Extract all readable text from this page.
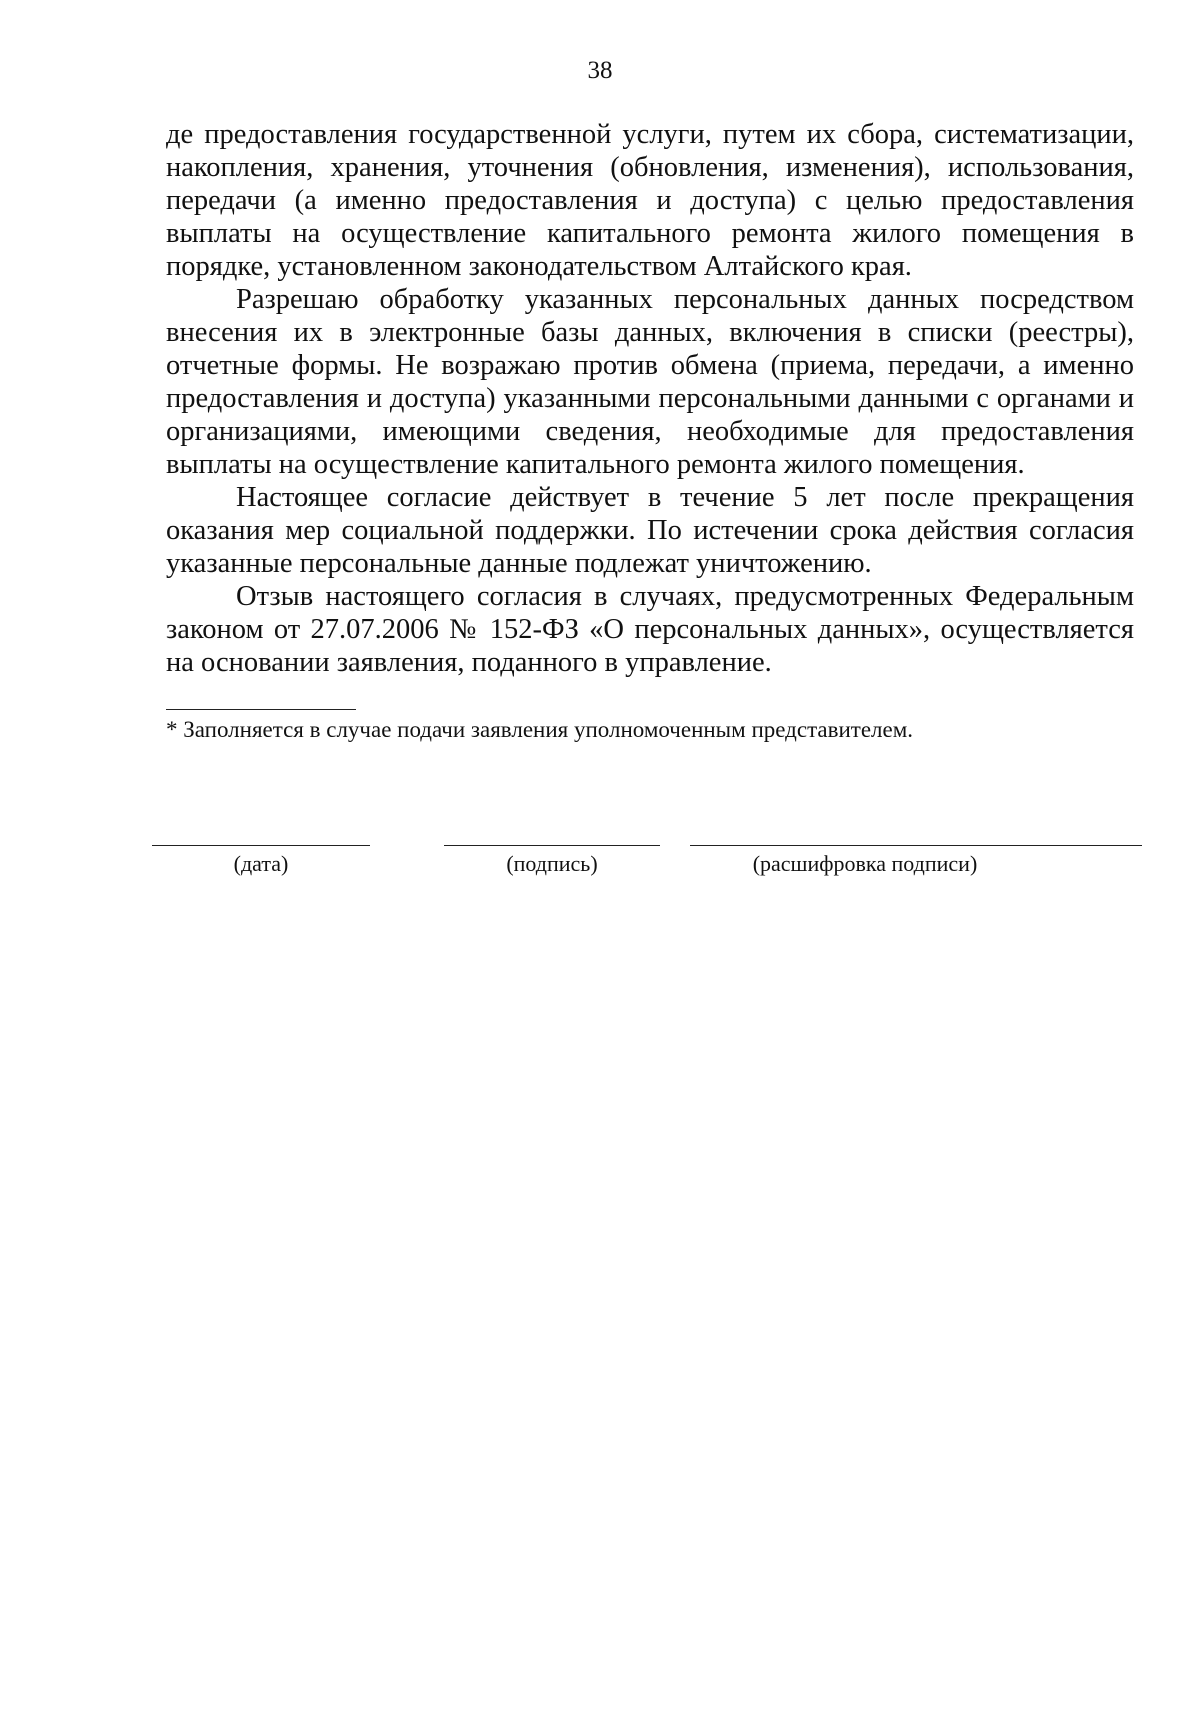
38

де предоставления государственной услуги, путем их сбора, систематизации, накопления, хранения, уточнения (обновления, изменения), использования, передачи (а именно предоставления и доступа) с целью предоставления выплаты на осуществление капитального ремонта жилого помещения в порядке, установленном законодательством Алтайского края.

Разрешаю обработку указанных персональных данных посредством внесения их в электронные базы данных, включения в списки (реестры), отчетные формы. Не возражаю против обмена (приема, передачи, а именно предоставления и доступа) указанными персональными данными с органами и организациями, имеющими сведения, необходимые для предоставления выплаты на осуществление капитального ремонта жилого помещения.

Настоящее согласие действует в течение 5 лет после прекращения оказания мер социальной поддержки. По истечении срока действия согласия указанные персональные данные подлежат уничтожению.

Отзыв настоящего согласия в случаях, предусмотренных Федеральным законом от 27.07.2006 № 152-ФЗ «О персональных данных», осуществляется на основании заявления, поданного в управление.

* Заполняется в случае подачи заявления уполномоченным представителем.
(дата)	(подпись)	(расшифровка подписи)
